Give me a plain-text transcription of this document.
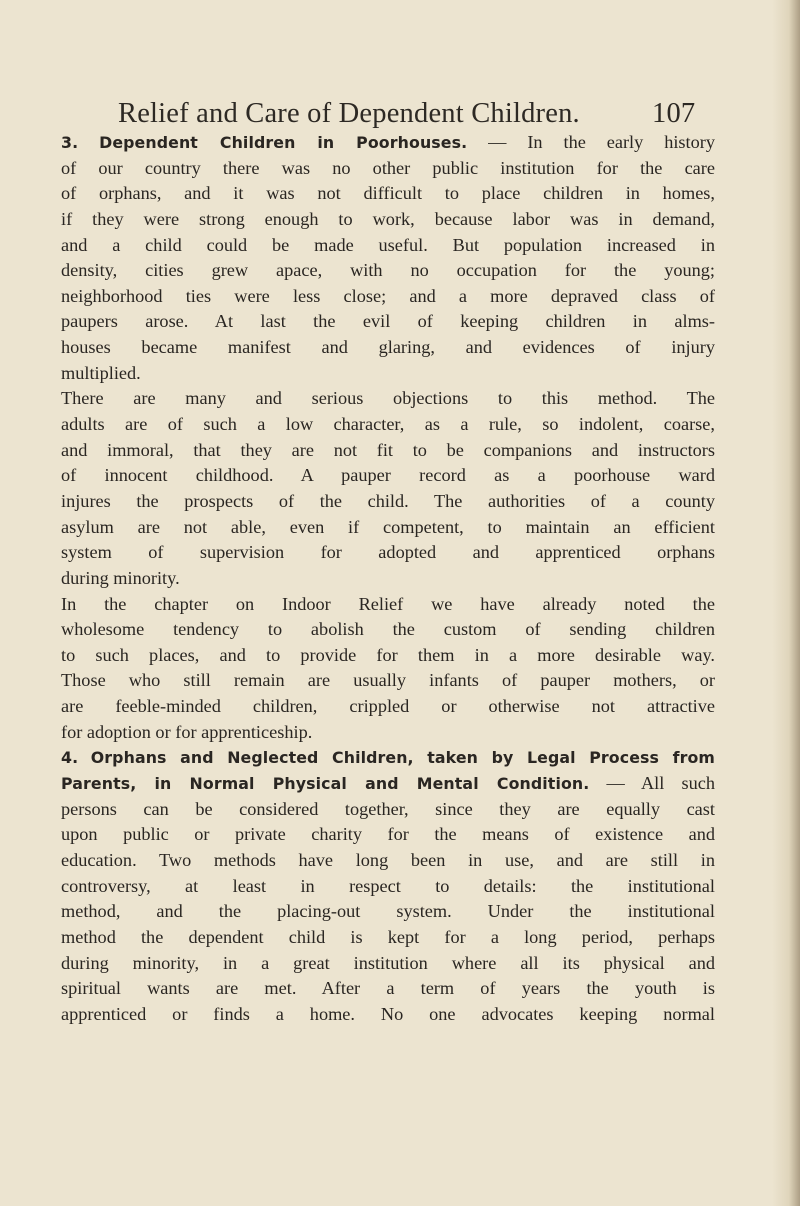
Relief and Care of Dependent Children.	107
3. Dependent Children in Poorhouses. — In the early history
of our country there was no other public institution for the care
of orphans, and it was not difficult to place children in homes,
if they were strong enough to work, because labor was in demand,
and a child could be made useful. But population increased in
density, cities grew apace, with no occupation for the young;
neighborhood ties were less close; and a more depraved class of
paupers arose. At last the evil of keeping children in alms-
houses became manifest and glaring, and evidences of injury
multiplied.
There are many and serious objections to this method. The
adults are of such a low character, as a rule, so indolent, coarse,
and immoral, that they are not fit to be companions and instructors
of innocent childhood. A pauper record as a poorhouse ward
injures the prospects of the child. The authorities of a county
asylum are not able, even if competent, to maintain an efficient
system of supervision for adopted and apprenticed orphans
during minority.
In the chapter on Indoor Relief we have already noted the
wholesome tendency to abolish the custom of sending children
to such places, and to provide for them in a more desirable way.
Those who still remain are usually infants of pauper mothers, or
are feeble-minded children, crippled or otherwise not attractive
for adoption or for apprenticeship.
4. Orphans and Neglected Children, taken by Legal Process from
Parents, in Normal Physical and Mental Condition. — All such
persons can be considered together, since they are equally cast
upon public or private charity for the means of existence and
education. Two methods have long been in use, and are still in
controversy, at least in respect to details: the institutional
method, and the placing-out system. Under the institutional
method the dependent child is kept for a long period, perhaps
during minority, in a great institution where all its physical and
spiritual wants are met. After a term of years the youth is
apprenticed or finds a home. No one advocates keeping normal
